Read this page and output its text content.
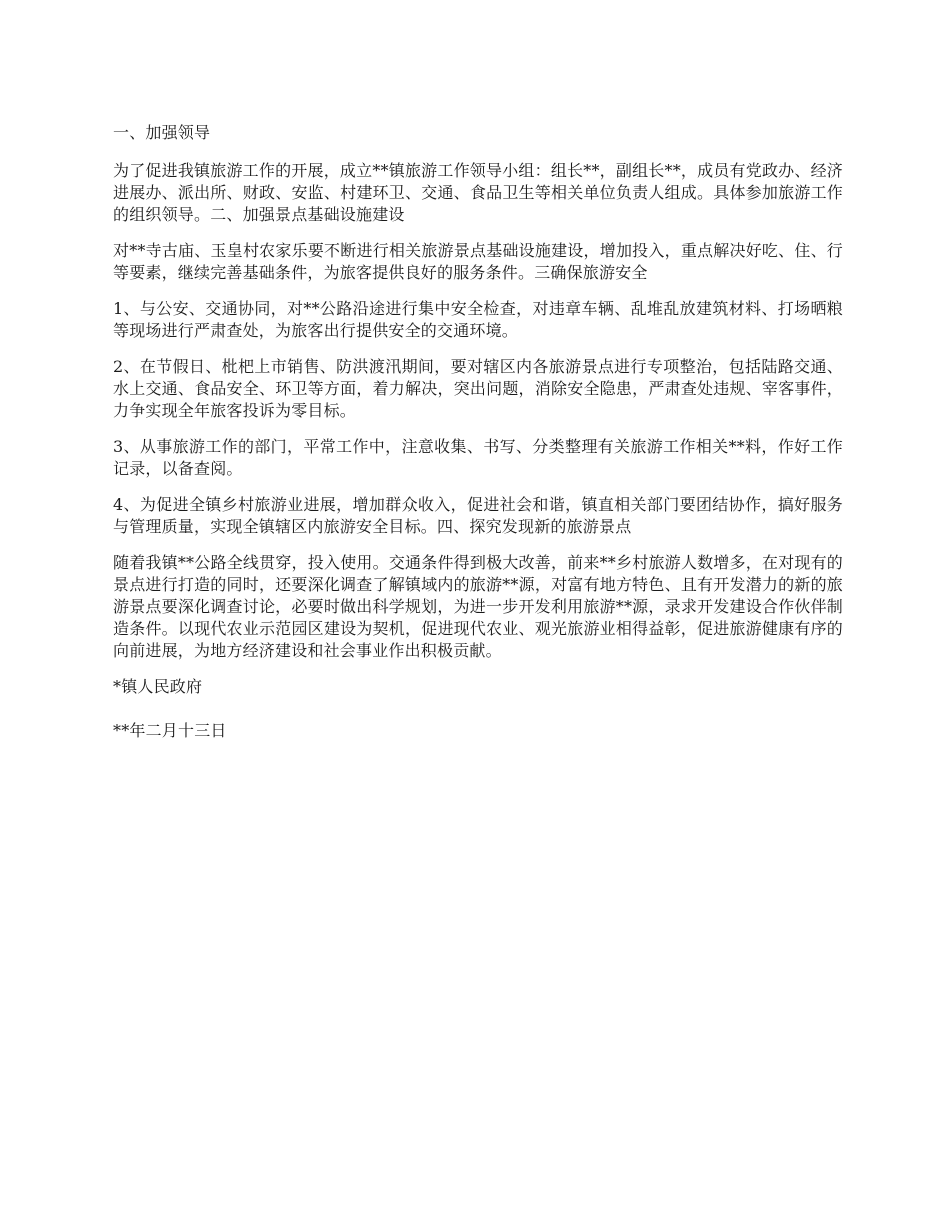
一、加强领导

为了促进我镇旅游工作的开展，成立**镇旅游工作领导小组：组长**，副组长**，成员有党政办、经济进展办、派出所、财政、安监、村建环卫、交通、食品卫生等相关单位负责人组成。具体参加旅游工作的组织领导。二、加强景点基础设施建设

对**寺古庙、玉皇村农家乐要不断进行相关旅游景点基础设施建设，增加投入，重点解决好吃、住、行等要素，继续完善基础条件，为旅客提供良好的服务条件。三确保旅游安全

1、与公安、交通协同，对**公路沿途进行集中安全检查，对违章车辆、乱堆乱放建筑材料、打场晒粮等现场进行严肃查处，为旅客出行提供安全的交通环境。

2、在节假日、枇杷上市销售、防洪渡汛期间，要对辖区内各旅游景点进行专项整治，包括陆路交通、水上交通、食品安全、环卫等方面，着力解决，突出问题，消除安全隐患，严肃查处违规、宰客事件，力争实现全年旅客投诉为零目标。

3、从事旅游工作的部门，平常工作中，注意收集、书写、分类整理有关旅游工作相关**料，作好工作记录，以备查阅。

4、为促进全镇乡村旅游业进展，增加群众收入，促进社会和谐，镇直相关部门要团结协作，搞好服务与管理质量，实现全镇辖区内旅游安全目标。四、探究发现新的旅游景点

随着我镇**公路全线贯穿，投入使用。交通条件得到极大改善，前来**乡村旅游人数增多，在对现有的景点进行打造的同时，还要深化调查了解镇域内的旅游**源，对富有地方特色、且有开发潜力的新的旅游景点要深化调查讨论，必要时做出科学规划，为进一步开发利用旅游**源，录求开发建设合作伙伴制造条件。以现代农业示范园区建设为契机，促进现代农业、观光旅游业相得益彰，促进旅游健康有序的向前进展，为地方经济建设和社会事业作出积极贡献。

*镇人民政府

**年二月十三日
